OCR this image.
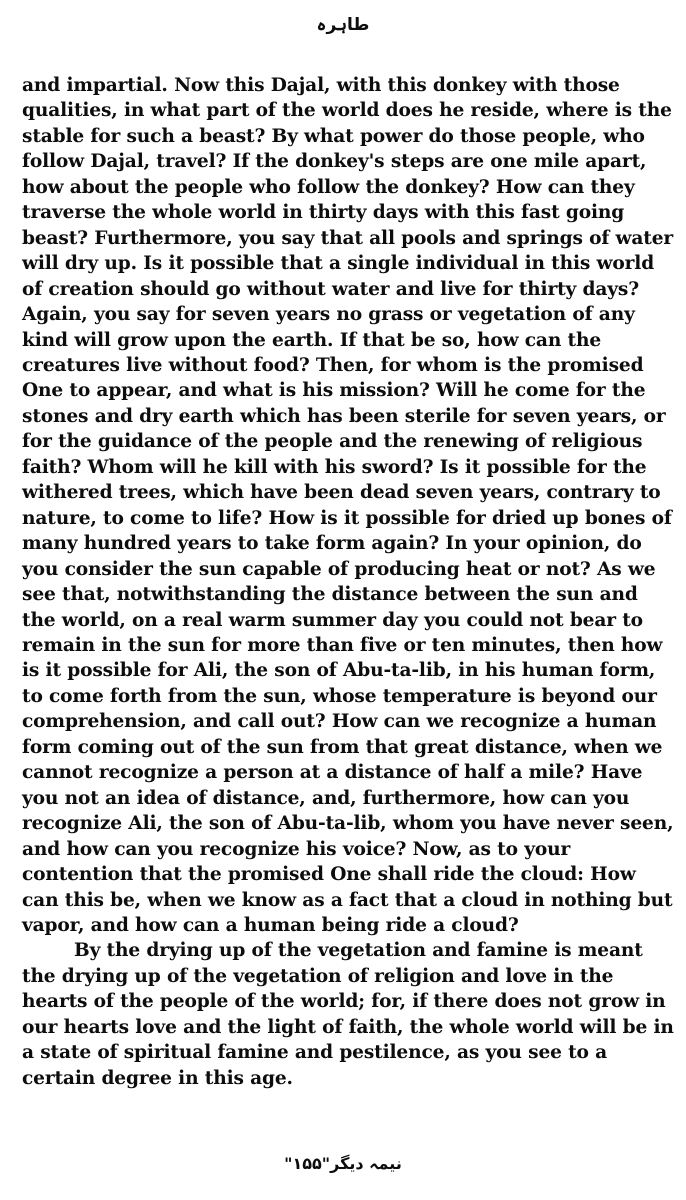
طاہرہ

and impartial. Now this Dajal, with this donkey with those qualities, in what part of the world does he reside, where is the stable for such a beast? By what power do those people, who follow Dajal, travel? If the donkey's steps are one mile apart, how about the people who follow the donkey? How can they traverse the whole world in thirty days with this fast going beast? Furthermore, you say that all pools and springs of water will dry up. Is it possible that a single individual in this world of creation should go without water and live for thirty days? Again, you say for seven years no grass or vegetation of any kind will grow upon the earth. If that be so, how can the creatures live without food? Then, for whom is the promised One to appear, and what is his mission? Will he come for the stones and dry earth which has been sterile for seven years, or for the guidance of the people and the renewing of religious faith? Whom will he kill with his sword? Is it possible for the withered trees, which have been dead seven years, contrary to nature, to come to life? How is it possible for dried up bones of many hundred years to take form again? In your opinion, do you consider the sun capable of producing heat or not? As we see that, notwithstanding the distance between the sun and the world, on a real warm summer day you could not bear to remain in the sun for more than five or ten minutes, then how is it possible for Ali, the son of Abu-ta-lib, in his human form, to come forth from the sun, whose temperature is beyond our comprehension, and call out? How can we recognize a human form coming out of the sun from that great distance, when we cannot recognize a person at a distance of half a mile? Have you not an idea of distance, and, furthermore, how can you recognize Ali, the son of Abu-ta-lib, whom you have never seen, and how can you recognize his voice? Now, as to your contention that the promised One shall ride the cloud: How can this be, when we know as a fact that a cloud in nothing but vapor, and how can a human being ride a cloud?

By the drying up of the vegetation and famine is meant the drying up of the vegetation of religion and love in the hearts of the people of the world; for, if there does not grow in our hearts love and the light of faith, the whole world will be in a state of spiritual famine and pestilence, as you see to a certain degree in this age.

نیمہ دیگر"۱۵۵"
